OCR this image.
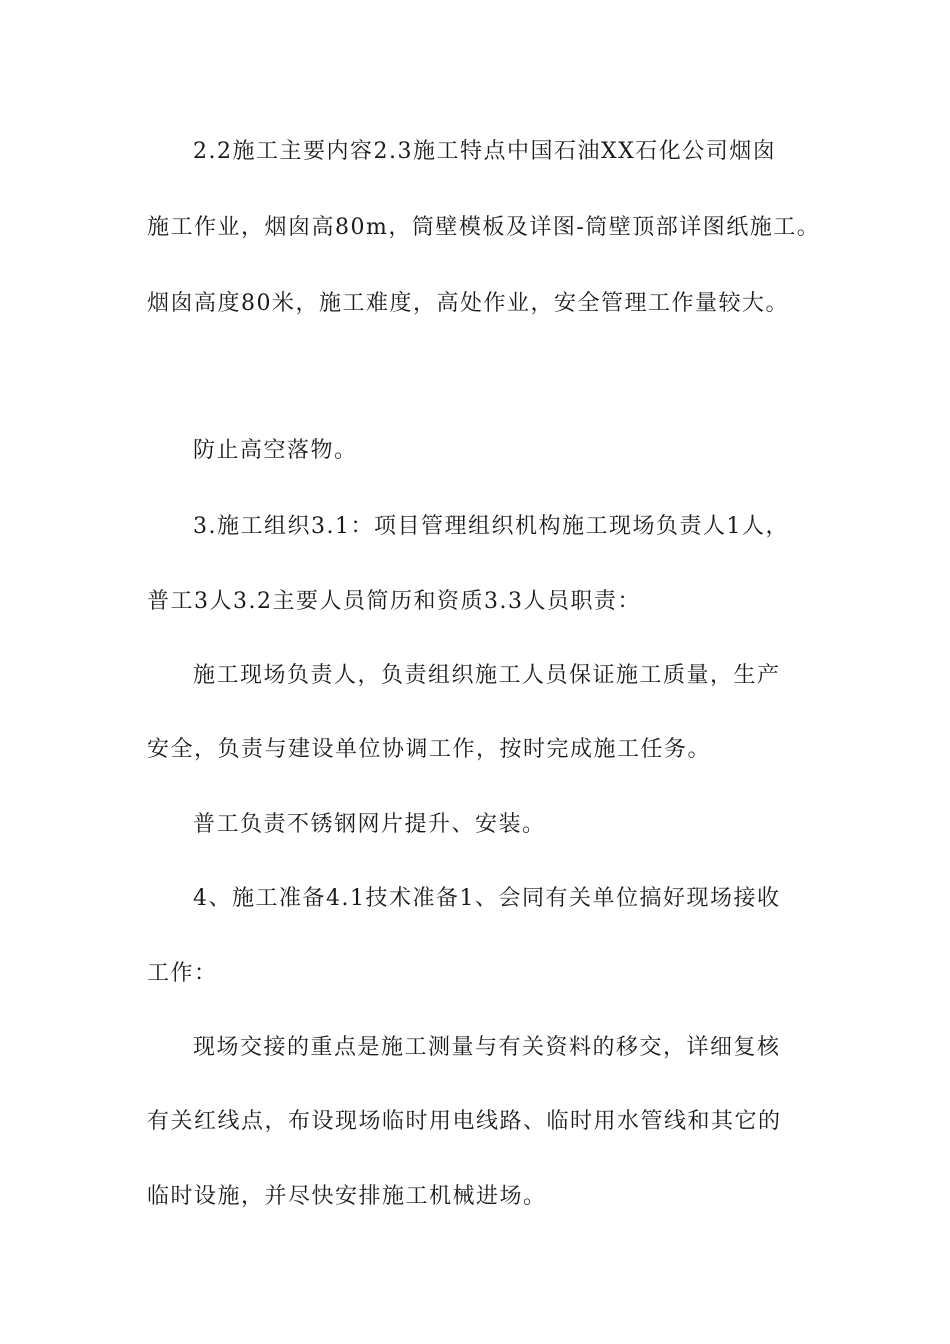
2.2施工主要内容2.3施工特点中国石油XX石化公司烟囱
施工作业，烟囱高80m，筒壁模板及详图-筒壁顶部详图纸施工。
烟囱高度80米，施工难度，高处作业，安全管理工作量较大。
防止高空落物。
3.施工组织3.1：项目管理组织机构施工现场负责人1人，
普工3人3.2主要人员简历和资质3.3人员职责：
施工现场负责人，负责组织施工人员保证施工质量，生产
安全，负责与建设单位协调工作，按时完成施工任务。
普工负责不锈钢网片提升、安装。
4、施工准备4.1技术准备1、会同有关单位搞好现场接收
工作：
现场交接的重点是施工测量与有关资料的移交，详细复核
有关红线点，布设现场临时用电线路、临时用水管线和其它的
临时设施，并尽快安排施工机械进场。
